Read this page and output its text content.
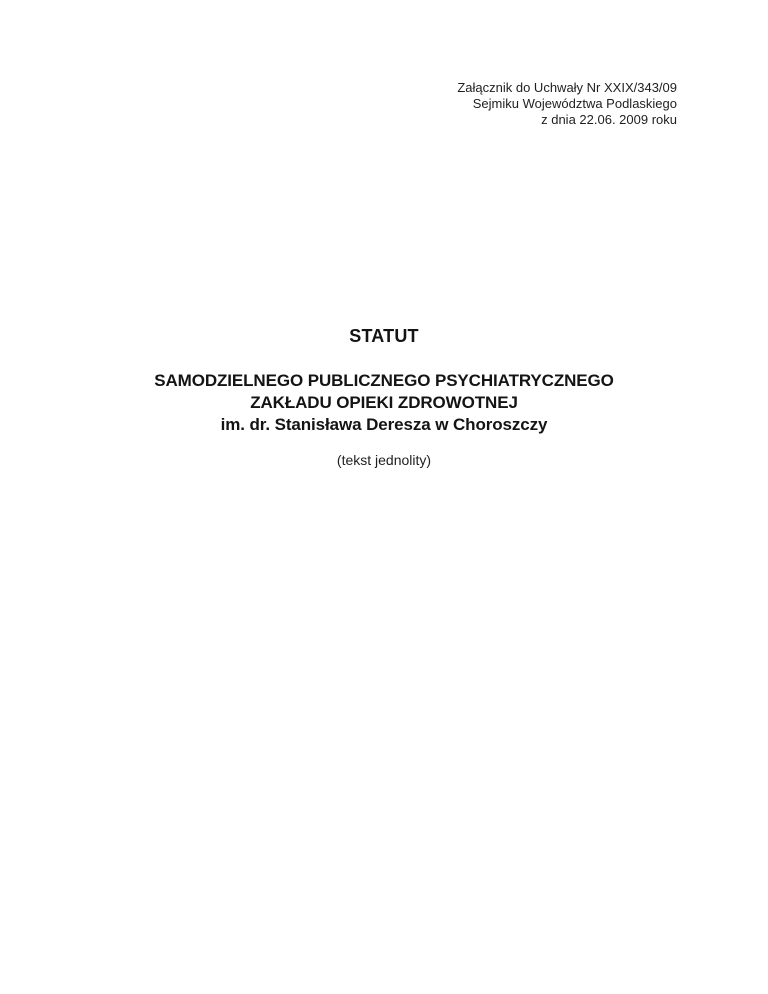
Załącznik do Uchwały Nr XXIX/343/09
Sejmiku Województwa Podlaskiego
z dnia 22.06. 2009 roku
STATUT
SAMODZIELNEGO PUBLICZNEGO PSYCHIATRYCZNEGO
ZAKŁADU OPIEKI ZDROWOTNEJ
im. dr. Stanisława Deresza w Choroszczy
(tekst jednolity)
